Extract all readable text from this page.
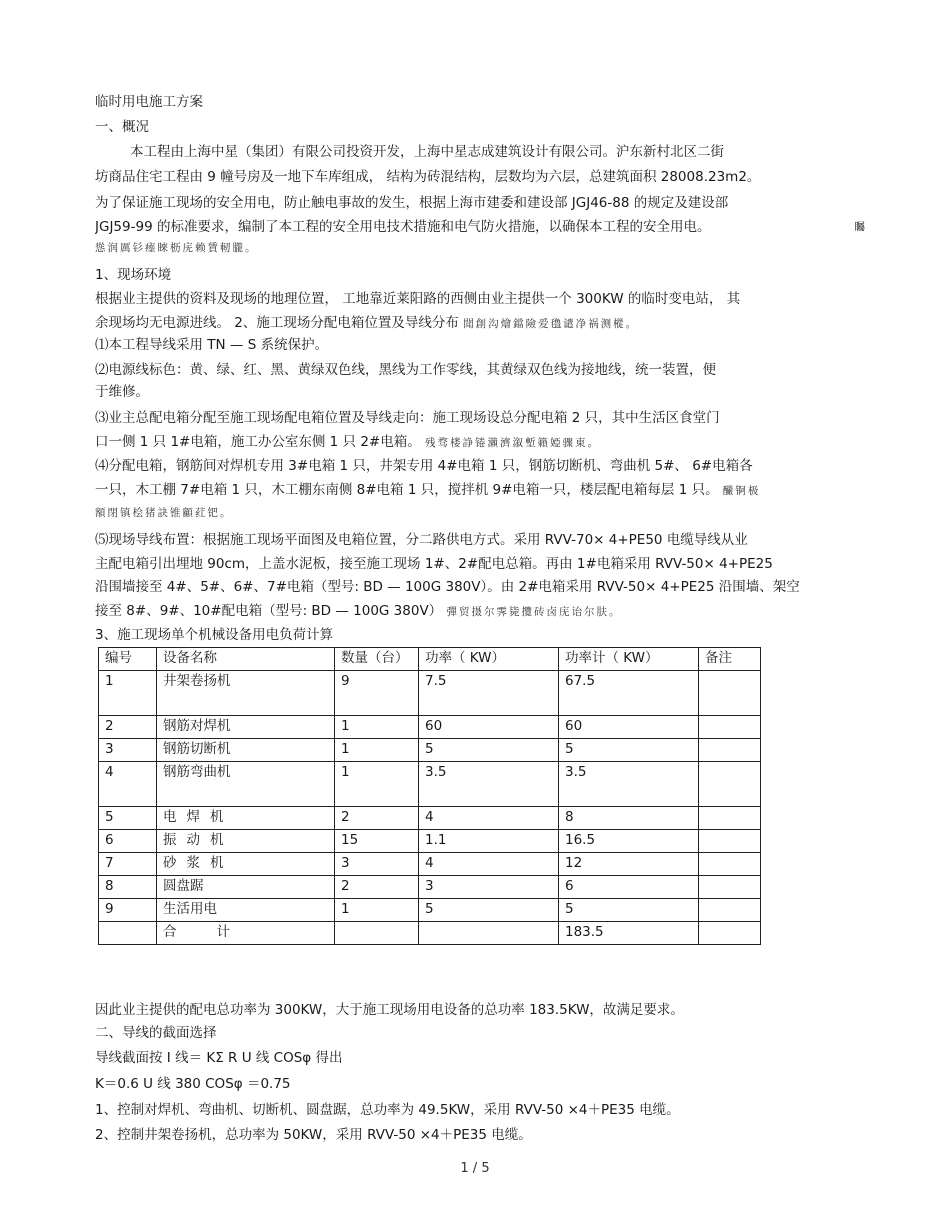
临时用电施工方案
一、概况
本工程由上海中星（集团）有限公司投资开发，上海中星志成建筑设计有限公司。沪东新村北区二街
坊商品住宅工程由 9 幢号房及一地下车库组成， 结构为砖混结构，层数均为六层，总建筑面积 28008.23m2。
为了保证施工现场的安全用电，防止触电事故的发生，根据上海市建委和建设部 JGJ46-88 的规定及建设部
JGJ59-99 的标准要求，编制了本工程的安全用电技术措施和电气防火措施，以确保本工程的安全用电。	矚
慫润厲钐瘗睞枥庑赖賃軔朧。
1、现场环境
根据业主提供的资料及现场的地理位置， 工地靠近莱阳路的西侧由业主提供一个 300KW 的临时变电站， 其
余现场均无电源进线。 2、施工现场分配电箱位置及导线分布 聞創沟燴鐺險爱氇谴净祸测樅。
⑴本工程导线采用 TN — S 系统保护。
⑵电源线标色：黄、绿、红、黑、黄绿双色线，黑线为工作零线，其黄绿双色线为接地线，统一装置，便
于维修。
⑶业主总配电箱分配至施工现场配电箱位置及导线走向：施工现场设总分配电箱 2 只，其中生活区食堂门
口一侧 1 只 1#电箱，施工办公室东侧 1 只 2#电箱。 残骛楼諍锩瀨濟溆塹籟婭骤東。
⑷分配电箱，钢筋间对焊机专用 3#电箱 1 只，井架专用 4#电箱 1 只，钢筋切断机、弯曲机 5#、 6#电箱各
一只，木工棚 7#电箱 1 只，木工棚东南侧 8#电箱 1 只，搅拌机 9#电箱一只，楼层配电箱每层 1 只。 釅锕极
額閉镇桧猪訣锥顧荭钯。
⑸现场导线布置：根据施工现场平面图及电箱位置，分二路供电方式。采用 RVV-70× 4+PE50 电缆导线从业
主配电箱引出埋地 90cm，上盖水泥板，接至施工现场 1#、2#配电总箱。再由 1#电箱采用 RVV-50× 4+PE25
沿围墙接至 4#、5#、6#、7#电箱（型号: BD — 100G 380V）。由 2#电箱采用 RVV-50× 4+PE25 沿围墙、架空
接至 8#、9#、10#配电箱（型号: BD — 100G 380V） 彈贸摄尔霁毙攬砖卤庑诒尔肤。
3、施工现场单个机械设备用电负荷计算
编号	设备名称	数量（台）	功率（ KW）	功率计（ KW）	备注
1	井架卷扬机	9	7.5	67.5	
2	钢筋对焊机	1	60	60	
3	钢筋切断机	1	5	5	
4	钢筋弯曲机	1	3.5	3.5	
5	电焊机	2	4	8	
6	振动机	15	1.1	16.5	
7	砂浆机	3	4	12	
8	圆盘踞	2	3	6	
9	生活用电	1	5	5	
	合计			183.5	
因此业主提供的配电总功率为 300KW，大于施工现场用电设备的总功率 183.5KW，故满足要求。
二、导线的截面选择
导线截面按 I 线＝ KΣ R U 线 COSφ 得出
K＝0.6 U 线 380 COSφ ＝0.75
1、控制对焊机、弯曲机、切断机、圆盘踞，总功率为 49.5KW，采用 RVV-50 ×4＋PE35 电缆。
2、控制井架卷扬机，总功率为 50KW，采用 RVV-50 ×4＋PE35 电缆。
1 / 5
